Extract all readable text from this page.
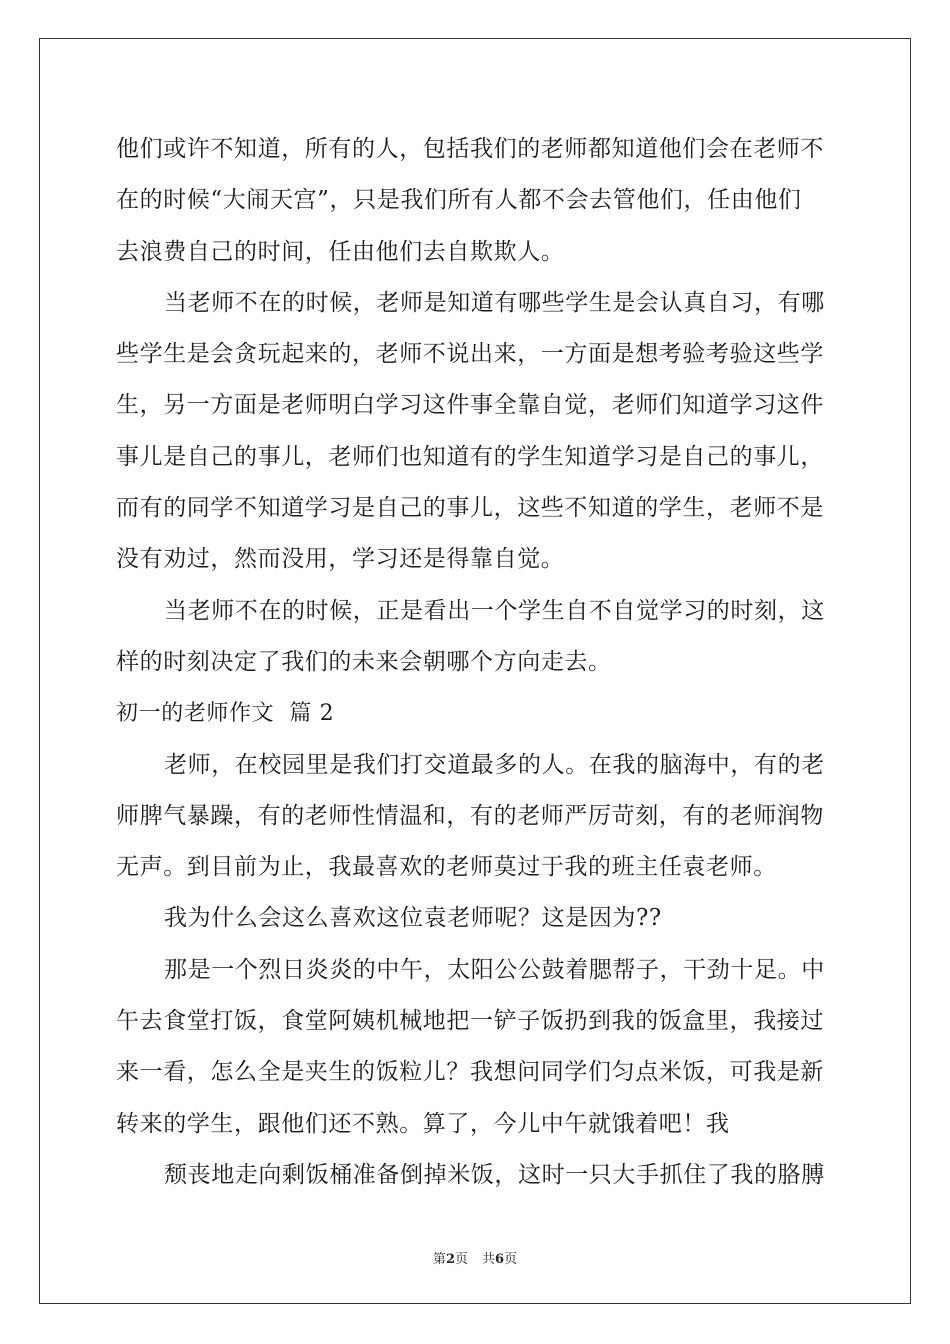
他们或许不知道，所有的人，包括我们的老师都知道他们会在老师不
在的时候“大闹天宫”，只是我们所有人都不会去管他们，任由他们
去浪费自己的时间，任由他们去自欺欺人。
当老师不在的时候，老师是知道有哪些学生是会认真自习，有哪
些学生是会贪玩起来的，老师不说出来，一方面是想考验考验这些学
生，另一方面是老师明白学习这件事全靠自觉，老师们知道学习这件
事儿是自己的事儿，老师们也知道有的学生知道学习是自己的事儿，
而有的同学不知道学习是自己的事儿，这些不知道的学生，老师不是
没有劝过，然而没用，学习还是得靠自觉。
当老师不在的时候，正是看出一个学生自不自觉学习的时刻，这
样的时刻决定了我们的未来会朝哪个方向走去。
初一的老师作文  篇 2
老师，在校园里是我们打交道最多的人。在我的脑海中，有的老
师脾气暴躁，有的老师性情温和，有的老师严厉苛刻，有的老师润物
无声。到目前为止，我最喜欢的老师莫过于我的班主任袁老师。
我为什么会这么喜欢这位袁老师呢？这是因为??
那是一个烈日炎炎的中午，太阳公公鼓着腮帮子，干劲十足。中
午去食堂打饭，食堂阿姨机械地把一铲子饭扔到我的饭盒里，我接过
来一看，怎么全是夹生的饭粒儿？我想问同学们匀点米饭，可我是新
转来的学生，跟他们还不熟。算了，今儿中午就饿着吧！我
颓丧地走向剩饭桶准备倒掉米饭，这时一只大手抓住了我的胳膊
第2页 共6页
